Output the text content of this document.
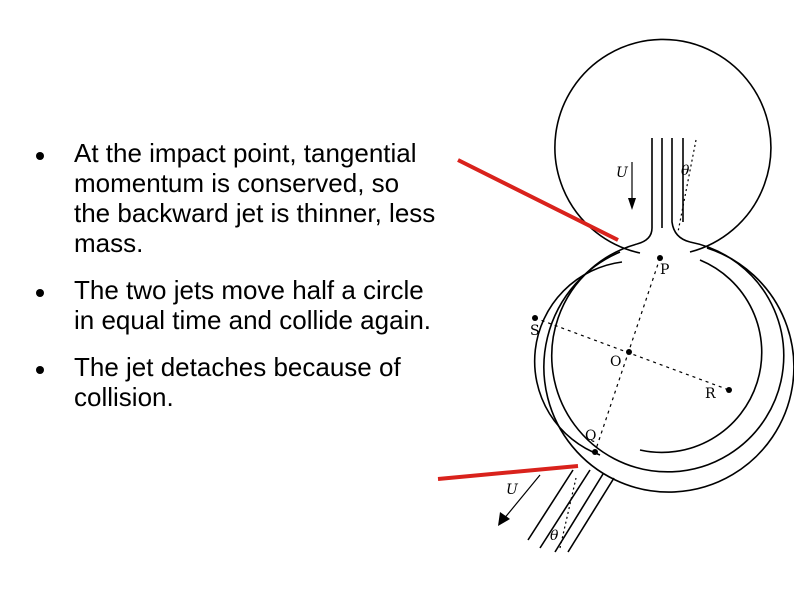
At the impact point, tangential momentum is conserved, so the backward jet is thinner, less mass.
The two jets move half a circle in equal time and collide again.
The jet detaches because of collision.
U	θ
P
S
O
R
Q
U
θ
